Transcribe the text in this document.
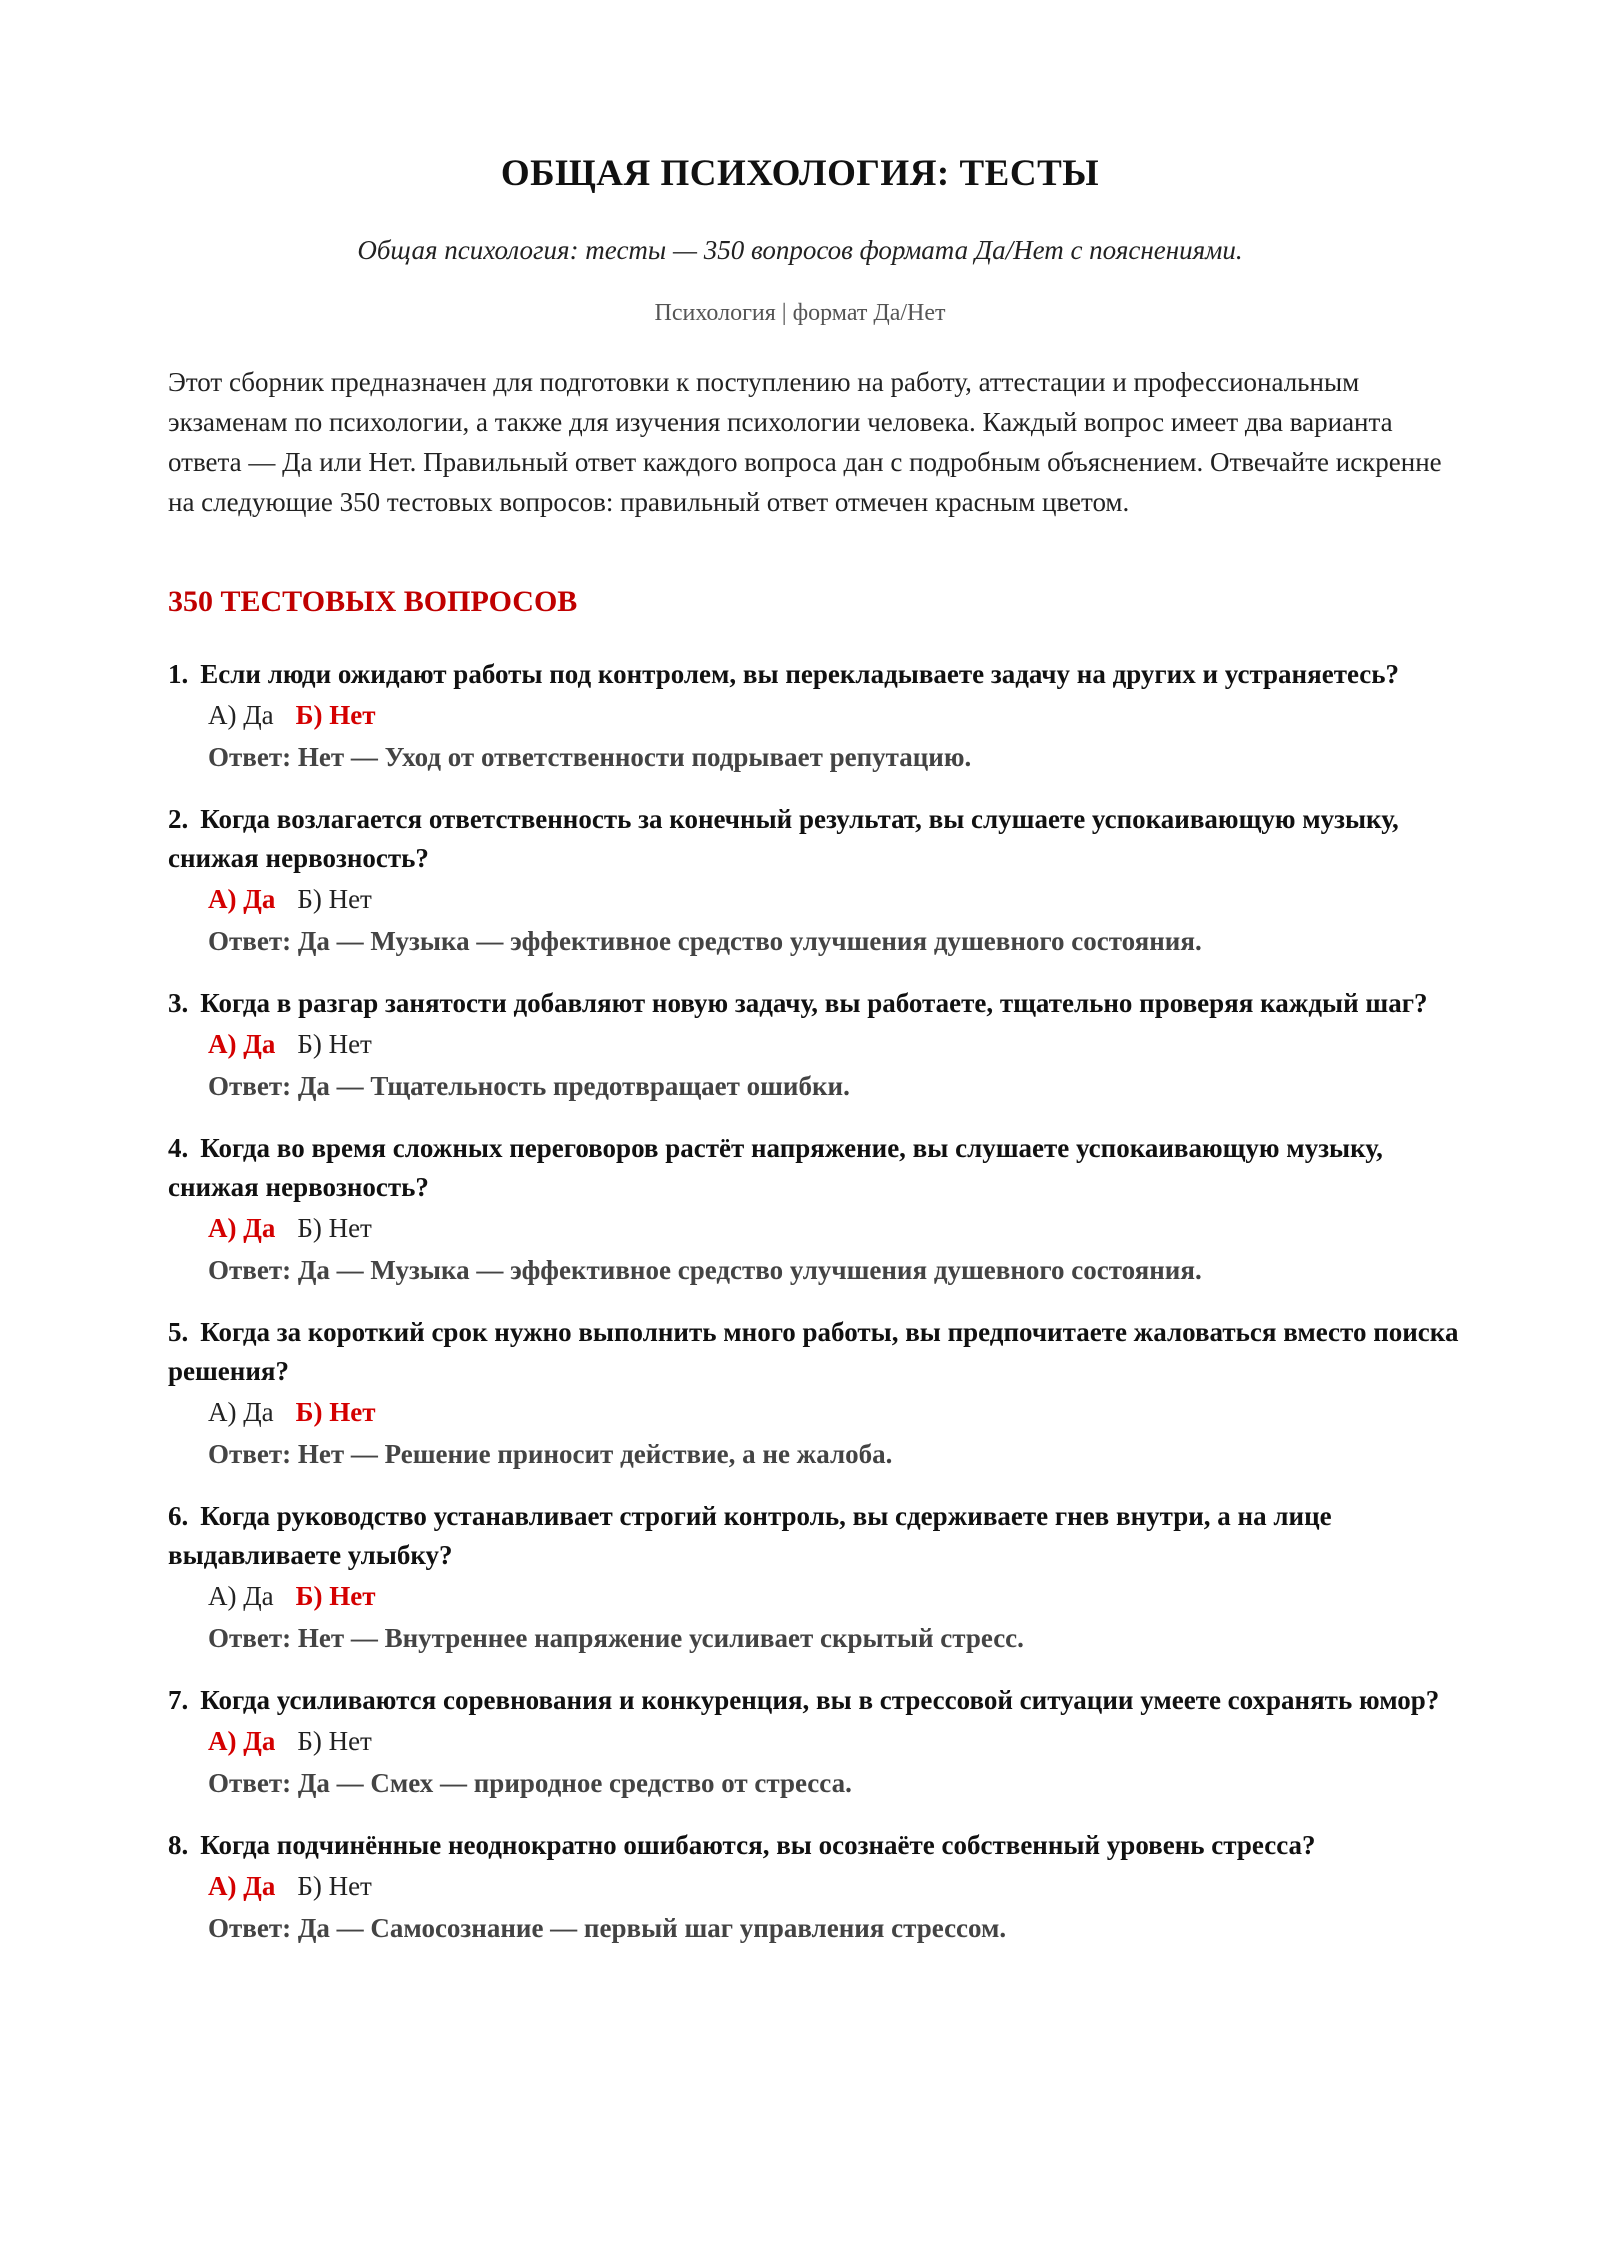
ОБЩАЯ ПСИХОЛОГИЯ: ТЕСТЫ
Общая психология: тесты — 350 вопросов формата Да/Нет с пояснениями.
Психология | формат Да/Нет
Этот сборник предназначен для подготовки к поступлению на работу, аттестации и профессиональным экзаменам по психологии, а также для изучения психологии человека. Каждый вопрос имеет два варианта ответа — Да или Нет. Правильный ответ каждого вопроса дан с подробным объяснением. Отвечайте искренне на следующие 350 тестовых вопросов: правильный ответ отмечен красным цветом.
350 ТЕСТОВЫХ ВОПРОСОВ
1. Если люди ожидают работы под контролем, вы перекладываете задачу на других и устраняетесь?
А) Да Б) Нет
Ответ: Нет — Уход от ответственности подрывает репутацию.
2. Когда возлагается ответственность за конечный результат, вы слушаете успокаивающую музыку, снижая нервозность?
А) Да Б) Нет
Ответ: Да — Музыка — эффективное средство улучшения душевного состояния.
3. Когда в разгар занятости добавляют новую задачу, вы работаете, тщательно проверяя каждый шаг?
А) Да Б) Нет
Ответ: Да — Тщательность предотвращает ошибки.
4. Когда во время сложных переговоров растёт напряжение, вы слушаете успокаивающую музыку, снижая нервозность?
А) Да Б) Нет
Ответ: Да — Музыка — эффективное средство улучшения душевного состояния.
5. Когда за короткий срок нужно выполнить много работы, вы предпочитаете жаловаться вместо поиска решения?
А) Да Б) Нет
Ответ: Нет — Решение приносит действие, а не жалоба.
6. Когда руководство устанавливает строгий контроль, вы сдерживаете гнев внутри, а на лице выдавливаете улыбку?
А) Да Б) Нет
Ответ: Нет — Внутреннее напряжение усиливает скрытый стресс.
7. Когда усиливаются соревнования и конкуренция, вы в стрессовой ситуации умеете сохранять юмор?
А) Да Б) Нет
Ответ: Да — Смех — природное средство от стресса.
8. Когда подчинённые неоднократно ошибаются, вы осознаёте собственный уровень стресса?
А) Да Б) Нет
Ответ: Да — Самосознание — первый шаг управления стрессом.
